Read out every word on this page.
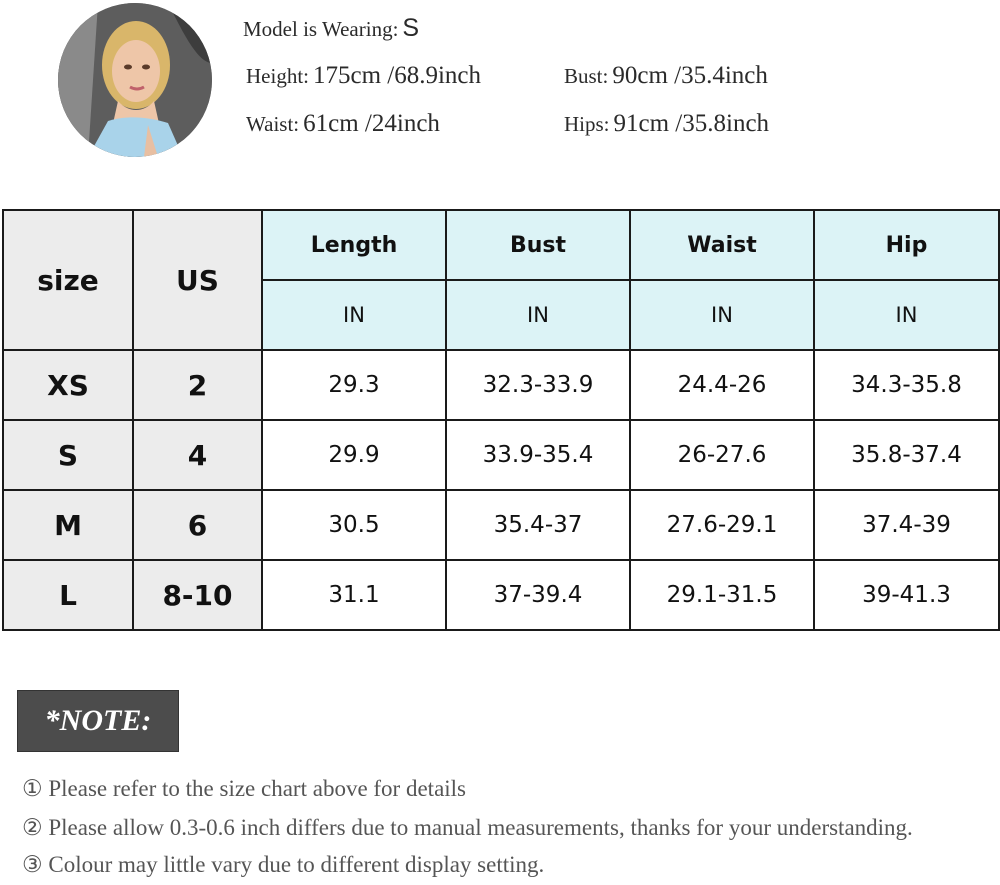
Model is Wearing: S
Height: 175cm /68.9inch	Bust: 90cm /35.4inch
Waist: 61cm /24inch	Hips: 91cm /35.8inch
size	US	Length	Bust	Waist	Hip
		IN	IN	IN	IN
XS	2	29.3	32.3-33.9	24.4-26	34.3-35.8
S	4	29.9	33.9-35.4	26-27.6	35.8-37.4
M	6	30.5	35.4-37	27.6-29.1	37.4-39
L	8-10	31.1	37-39.4	29.1-31.5	39-41.3
*NOTE:
① Please refer to the size chart above for details
② Please allow 0.3-0.6 inch differs due to manual measurements, thanks for your understanding.
③ Colour may little vary due to different display setting.
